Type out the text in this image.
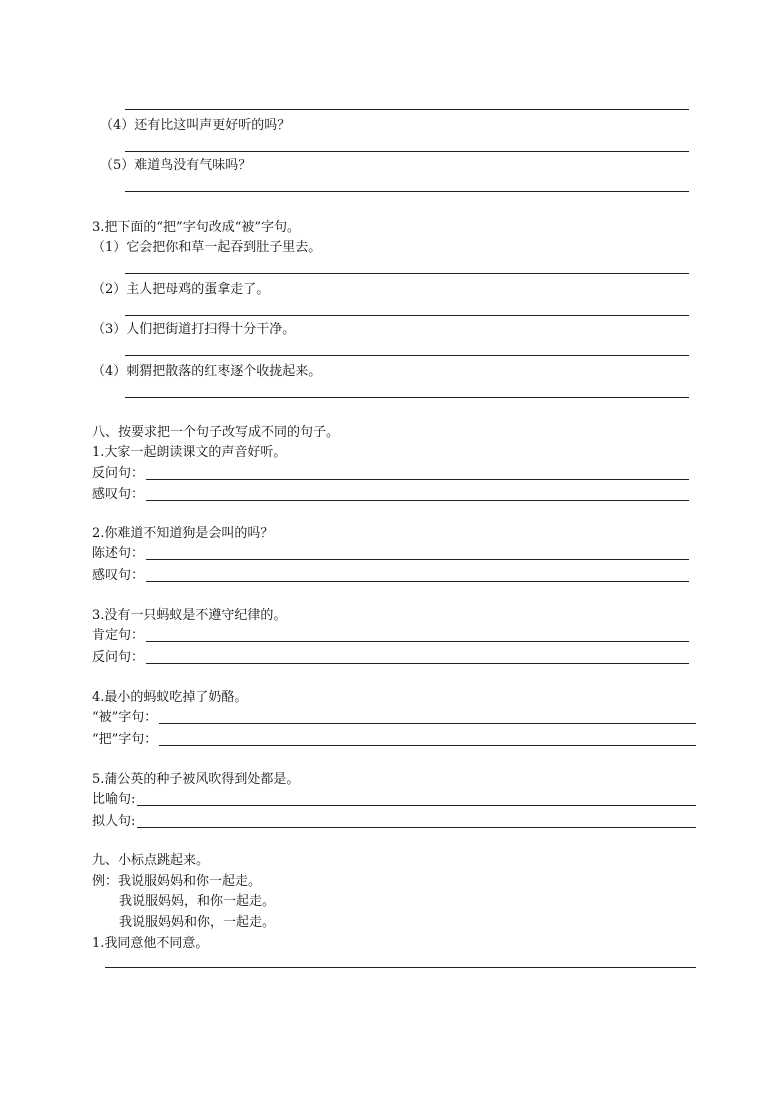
（4）还有比这叫声更好听的吗？
（5）难道鸟没有气味吗？
3.把下面的“把”字句改成“被”字句。
（1）它会把你和草一起吞到肚子里去。
（2）主人把母鸡的蛋拿走了。
（3）人们把街道打扫得十分干净。
（4）刺猬把散落的红枣逐个收拢起来。
八、按要求把一个句子改写成不同的句子。
1.大家一起朗读课文的声音好听。
反问句：
感叹句：
2.你难道不知道狗是会叫的吗？
陈述句：
感叹句：
3.没有一只蚂蚁是不遵守纪律的。
肯定句：
反问句：
4.最小的蚂蚁吃掉了奶酪。
“被”字句：
“把”字句：
5.蒲公英的种子被风吹得到处都是。
比喻句:
拟人句:
九、小标点跳起来。
例：我说服妈妈和你一起走。
我说服妈妈，和你一起走。
我说服妈妈和你，一起走。
1.我同意他不同意。
